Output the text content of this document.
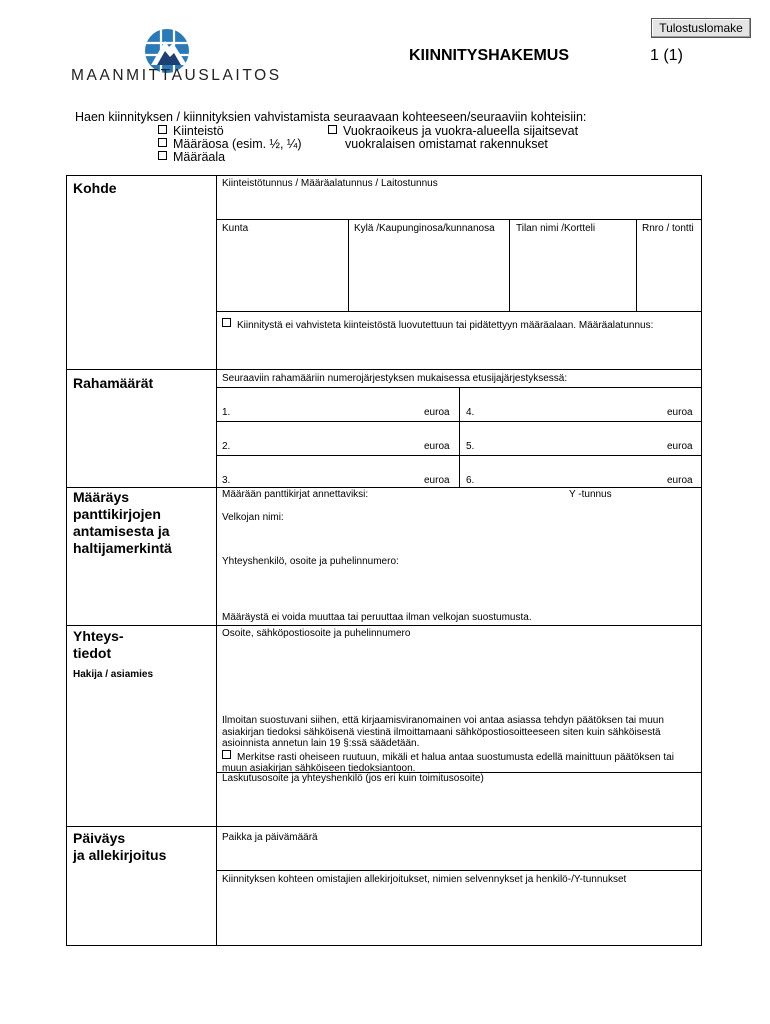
Tulostuslomake
MAANMITTAUSLAITOS
KIINNITYSHAKEMUS	1 (1)
Haen kiinnityksen / kiinnityksien vahvistamista seuraavaan kohteeseen/seuraaviin kohteisiin:
Kiinteistö
Määräosa (esim. ½, ¼)
Määräala
Vuokraoikeus ja vuokra-alueella sijaitsevat
vuokralaisen omistamat rakennukset
Kohde	Kiinteistötunnus / Määräalatunnus / Laitostunnus
Kunta	Kylä /Kaupunginosa/kunnanosa Tilan nimi /Kortteli	Rnro / tontti
Kiinnitystä ei vahvisteta kiinteistöstä luovutettuun tai pidätettyyn määräalaan. Määräalatunnus:
Rahamäärät	Seuraaviin rahamääriin numerojärjestyksen mukaisessa etusijajärjestyksessä:
1.	euroa 4.	euroa
2.	euroa 5.	euroa
3.	euroa 6.	euroa
Määräys
panttikirjojen
antamisesta ja
haltijamerkintä
Määrään panttikirjat annettaviksi:	Y -tunnus
Velkojan nimi:
Yhteyshenkilö, osoite ja puhelinnumero:
Määräystä ei voida muuttaa tai peruuttaa ilman velkojan suostumusta.
Yhteys-
tiedot
Hakija / asiamies
Osoite, sähköpostiosoite ja puhelinnumero
Ilmoitan suostuvani siihen, että kirjaamisviranomainen voi antaa asiassa tehdyn päätöksen tai muun
asiakirjan tiedoksi sähköisenä viestinä ilmoittamaani sähköpostiosoitteeseen siten kuin sähköisestä
asioinnista annetun lain 19 §:ssä säädetään.
Merkitse rasti oheiseen ruutuun, mikäli et halua antaa suostumusta edellä mainittuun päätöksen tai
muun asiakirjan sähköiseen tiedoksiantoon.
Laskutusosoite ja yhteyshenkilö (jos eri kuin toimitusosoite)
Päiväys
ja allekirjoitus
Paikka ja päivämäärä
Kiinnityksen kohteen omistajien allekirjoitukset, nimien selvennykset ja henkilö-/Y-tunnukset
